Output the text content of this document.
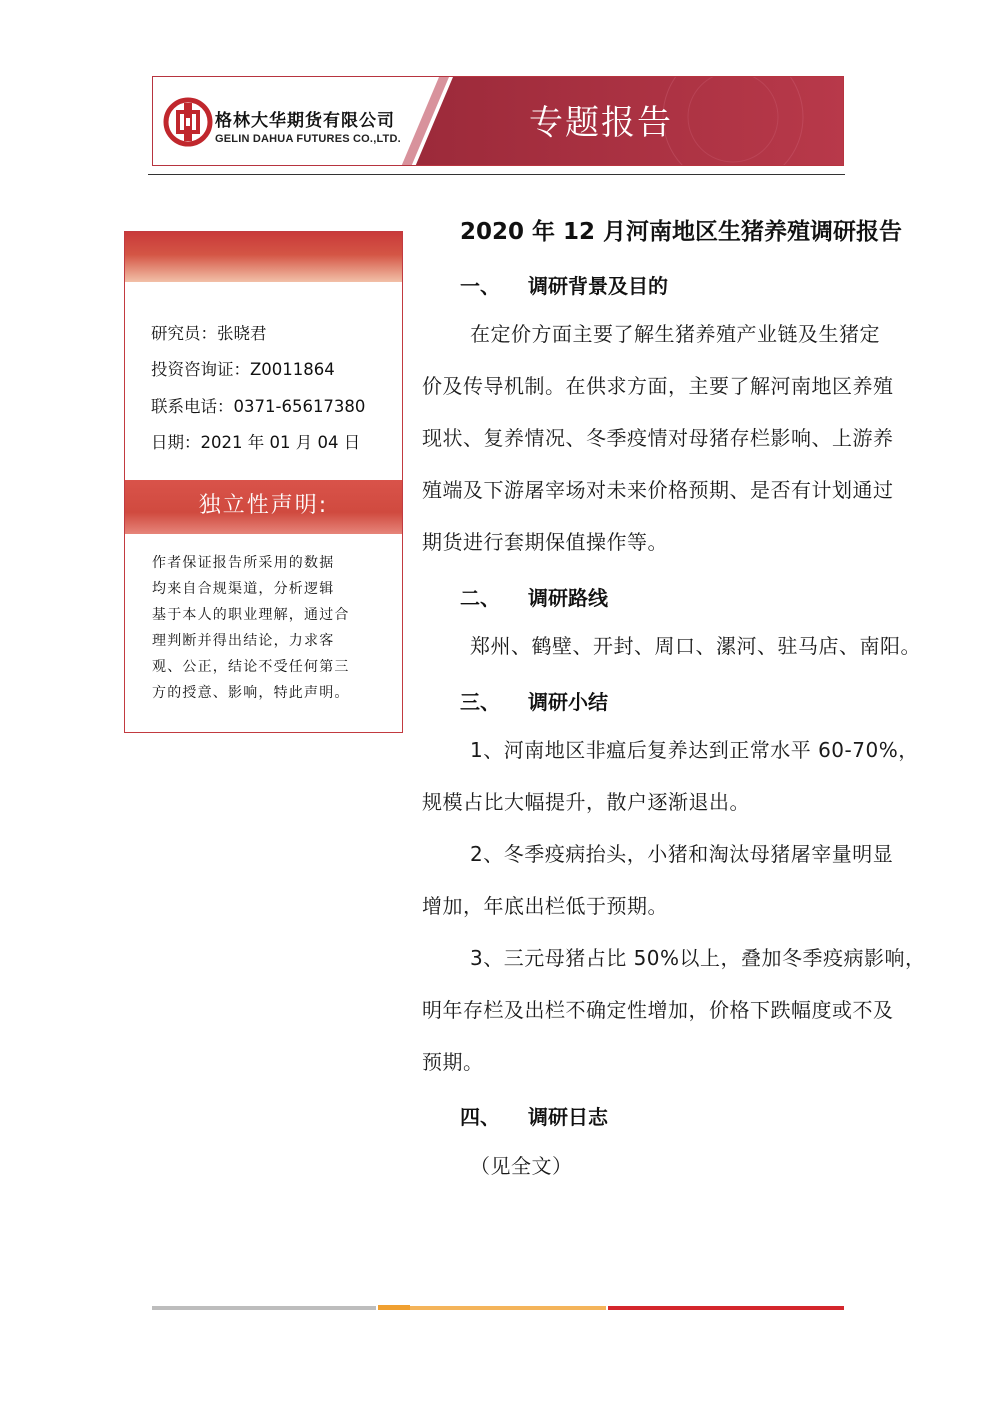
格林大华期货有限公司
GELIN DAHUA FUTURES CO.,LTD.	专题报告
研究员：张晓君
投资咨询证：Z0011864
联系电话：0371-65617380
日期：2021 年 01 月 04 日
独立性声明:
作者保证报告所采用的数据
均来自合规渠道，分析逻辑
基于本人的职业理解，通过合
理判断并得出结论，力求客
观、公正，结论不受任何第三
方的授意、影响，特此声明。
2020 年 12 月河南地区生猪养殖调研报告
一、 调研背景及目的
在定价方面主要了解生猪养殖产业链及生猪定
价及传导机制。在供求方面，主要了解河南地区养殖
现状、复养情况、冬季疫情对母猪存栏影响、上游养
殖端及下游屠宰场对未来价格预期、是否有计划通过
期货进行套期保值操作等。
二、 调研路线
郑州、鹤壁、开封、周口、漯河、驻马店、南阳。
三、 调研小结
1、河南地区非瘟后复养达到正常水平 60-70%，
规模占比大幅提升，散户逐渐退出。
2、冬季疫病抬头，小猪和淘汰母猪屠宰量明显
增加，年底出栏低于预期。
3、三元母猪占比 50%以上，叠加冬季疫病影响，
明年存栏及出栏不确定性增加，价格下跌幅度或不及
预期。
四、 调研日志
（见全文）
